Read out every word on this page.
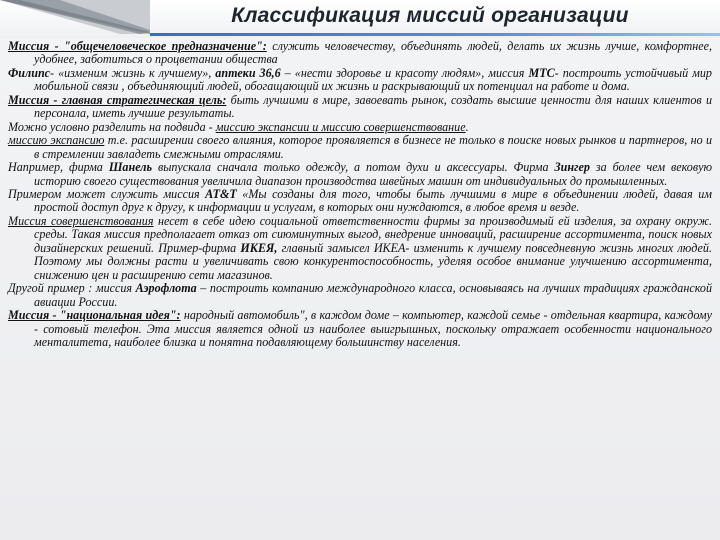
Классификация миссий организации

Миссия - "общечеловеческое предназначение": служить человечеству, объединять людей, делать их жизнь лучше, комфортнее, удобнее, заботиться о процветании общества

Филипс- «изменим жизнь к лучшему», аптеки 36,6 – «нести здоровье и красоту людям», миссия МТС- построить устойчивый мир мобильной связи , объединяющий людей, обогащающий их жизнь и раскрывающий их потенциал на работе и дома.

Миссия - главная стратегическая цель: быть лучшими в мире, завоевать рынок, создать высшие ценности для наших клиентов и персонала, иметь лучшие результаты.

Можно условно разделить на подвида - миссию экспансии и миссию совершенствование.

миссию экспансию т.е. расширении своего влияния, которое проявляется в бизнесе не только в поиске новых рынков и партнеров, но и в стремлении завладеть смежными отраслями.

Например, фирма Шанель выпускала сначала только одежду, а потом духи и аксессуары. Фирма Зингер за более чем вековую историю своего существования увеличила диапазон производства швейных машин от индивидуальных до промышленных.

Примером может служить миссия AT&T «Мы созданы для того, чтобы быть лучшими в мире в объединении людей, давая им простой доступ друг к другу, к информации и услугам, в которых они нуждаются, в любое время и везде.

Миссия совершенствования несет в себе идею социальной ответственности фирмы за производимый ей изделия, за охрану окруж. среды. Такая миссия предполагает отказ от сиюминутных выгод, внедрение инноваций, расширение ассортимента, поиск новых дизайнерских решений. Пример-фирма ИКЕЯ, главный замысел ИКЕА- изменить к лучшему повседневную жизнь многих людей. Поэтому мы должны расти и увеличивать свою конкурентоспособность, уделяя особое внимание улучшению ассортимента, снижению цен и расширению сети магазинов.

Другой пример : миссия Аэрофлота – построить компанию международного класса, основываясь на лучших традициях гражданской авиации России.

Миссия - "национальная идея": народный автомобиль", в каждом доме – компьютер, каждой семье - отдельная квартира, каждому - сотовый телефон. Эта миссия является одной из наиболее выигрышных, поскольку отражает особенности национального менталитета, наиболее близка и понятна подавляющему большинству населения.
